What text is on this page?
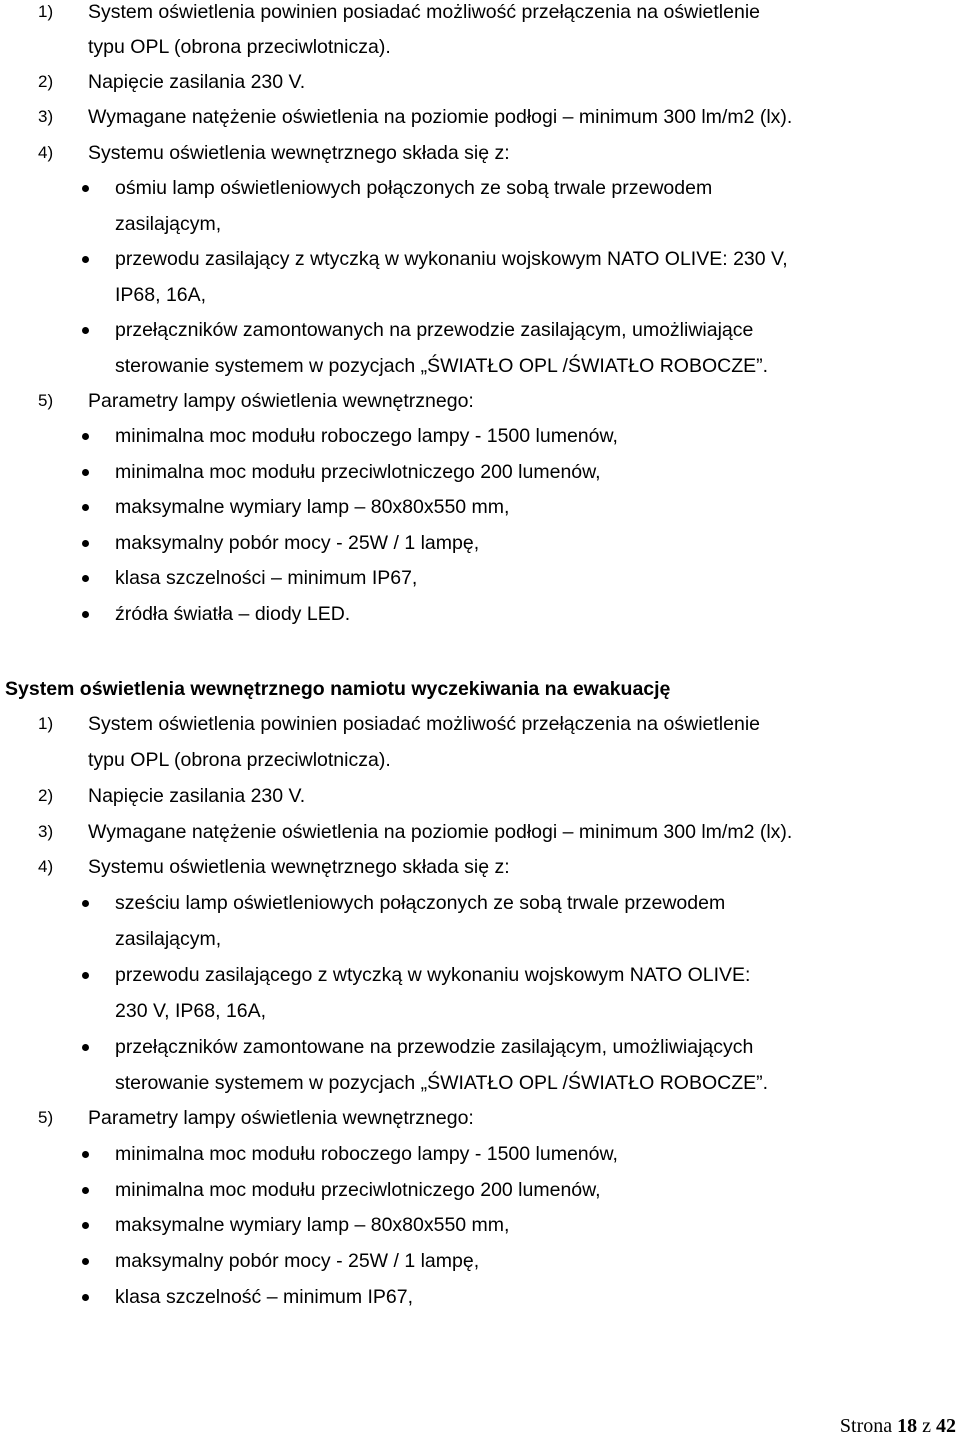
1) System oświetlenia powinien posiadać możliwość przełączenia na oświetlenie
typu OPL (obrona przeciwlotnicza).
2) Napięcie zasilania 230 V.
3) Wymagane natężenie oświetlenia na poziomie podłogi – minimum 300 lm/m2 (lx).
4) Systemu oświetlenia wewnętrznego składa się z:
ośmiu lamp oświetleniowych połączonych ze sobą trwale przewodem
zasilającym,
przewodu zasilający z wtyczką w wykonaniu wojskowym NATO OLIVE: 230 V,
IP68, 16A,
przełączników zamontowanych na przewodzie zasilającym, umożliwiające
sterowanie systemem w pozycjach „ŚWIATŁO OPL /ŚWIATŁO ROBOCZE”.
5) Parametry lampy oświetlenia wewnętrznego:
minimalna moc modułu roboczego lampy - 1500 lumenów,
minimalna moc modułu przeciwlotniczego 200 lumenów,
maksymalne wymiary lamp – 80x80x550 mm,
maksymalny pobór mocy - 25W / 1 lampę,
klasa szczelności – minimum IP67,
źródła światła – diody LED.
System oświetlenia wewnętrznego namiotu wyczekiwania na ewakuację
1) System oświetlenia powinien posiadać możliwość przełączenia na oświetlenie
typu OPL (obrona przeciwlotnicza).
2) Napięcie zasilania 230 V.
3) Wymagane natężenie oświetlenia na poziomie podłogi – minimum 300 lm/m2 (lx).
4) Systemu oświetlenia wewnętrznego składa się z:
sześciu lamp oświetleniowych połączonych ze sobą trwale przewodem
zasilającym,
przewodu zasilającego z wtyczką w wykonaniu wojskowym NATO OLIVE:
230 V, IP68, 16A,
przełączników zamontowane na przewodzie zasilającym, umożliwiających
sterowanie systemem w pozycjach „ŚWIATŁO OPL /ŚWIATŁO ROBOCZE”.
5) Parametry lampy oświetlenia wewnętrznego:
minimalna moc modułu roboczego lampy - 1500 lumenów,
minimalna moc modułu przeciwlotniczego 200 lumenów,
maksymalne wymiary lamp – 80x80x550 mm,
maksymalny pobór mocy - 25W / 1 lampę,
klasa szczelność – minimum IP67,
Strona 18 z 42
